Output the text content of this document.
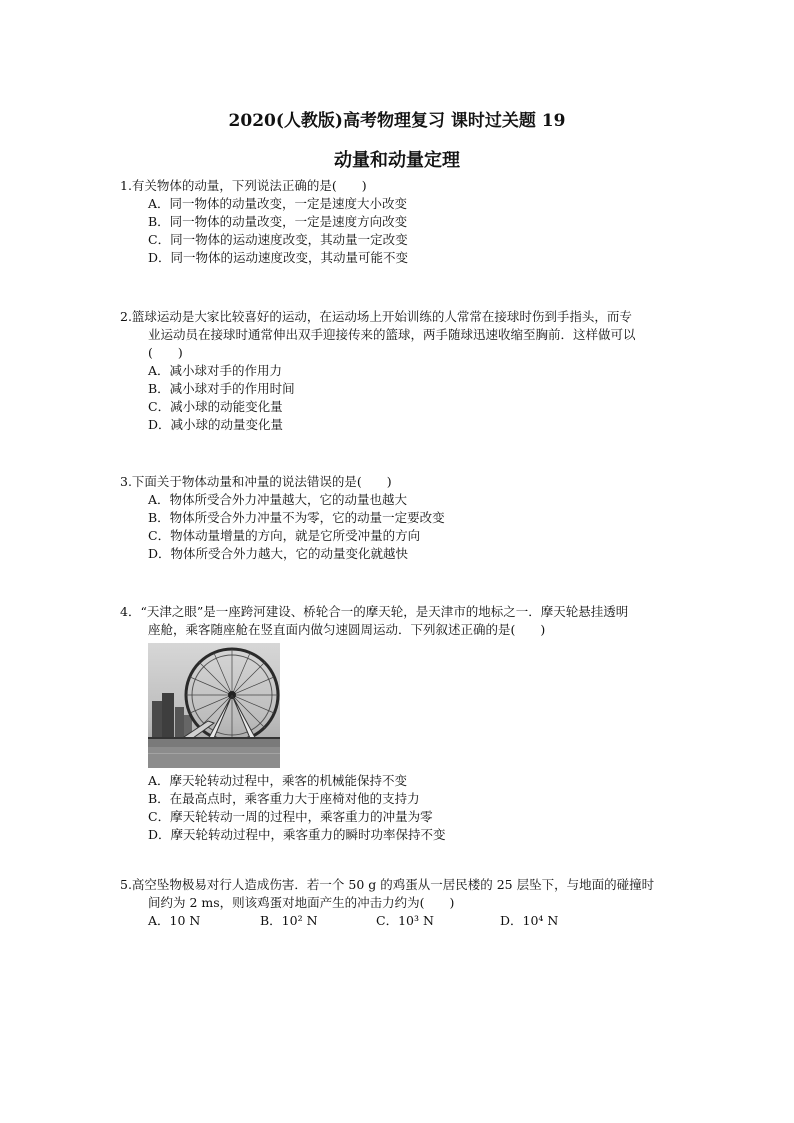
2020(人教版)高考物理复习 课时过关题 19
动量和动量定理
1.有关物体的动量，下列说法正确的是(　　)
A．同一物体的动量改变，一定是速度大小改变
B．同一物体的动量改变，一定是速度方向改变
C．同一物体的运动速度改变，其动量一定改变
D．同一物体的运动速度改变，其动量可能不变
2.篮球运动是大家比较喜好的运动，在运动场上开始训练的人常常在接球时伤到手指头，而专
业运动员在接球时通常伸出双手迎接传来的篮球，两手随球迅速收缩至胸前．这样做可以
(　　)
A．减小球对手的作用力
B．减小球对手的作用时间
C．减小球的动能变化量
D．减小球的动量变化量
3.下面关于物体动量和冲量的说法错误的是(　　)
A．物体所受合外力冲量越大，它的动量也越大
B．物体所受合外力冲量不为零，它的动量一定要改变
C．物体动量增量的方向，就是它所受冲量的方向
D．物体所受合外力越大，它的动量变化就越快
4．“天津之眼”是一座跨河建设、桥轮合一的摩天轮，是天津市的地标之一．摩天轮悬挂透明
座舱，乘客随座舱在竖直面内做匀速圆周运动．下列叙述正确的是(　　)
A．摩天轮转动过程中，乘客的机械能保持不变
B．在最高点时，乘客重力大于座椅对他的支持力
C．摩天轮转动一周的过程中，乘客重力的冲量为零
D．摩天轮转动过程中，乘客重力的瞬时功率保持不变
5.高空坠物极易对行人造成伤害．若一个 50 g 的鸡蛋从一居民楼的 25 层坠下，与地面的碰撞时
间约为 2 ms，则该鸡蛋对地面产生的冲击力约为(　　)
A．10 N	B．10² N	C．10³ N	D．10⁴ N
